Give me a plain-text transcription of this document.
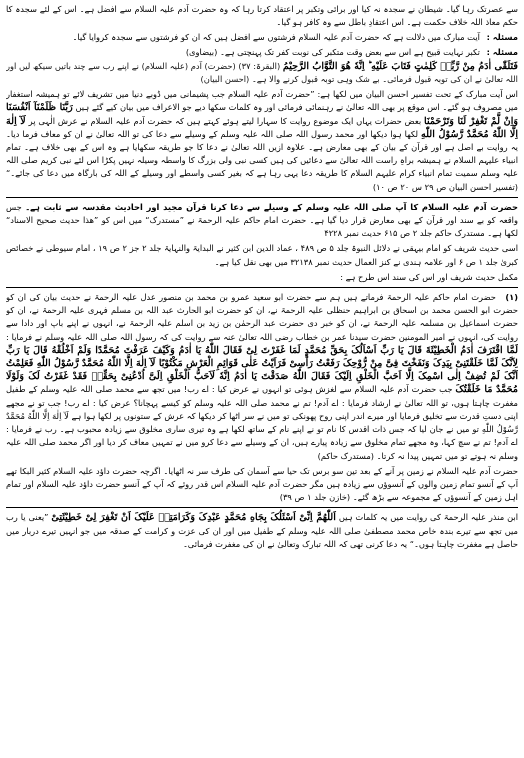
سے عصرتک رہا گیا۔ شیطان نے سجدہ نہ کیا اور برائی وتکبر پر اعتقاد کرتا رہا کہ وہ حضرت آدم علیہ السلام سے افضل ہے۔ اس کے لئے سجدہ کا حکم معاذ اللہ خلاف حکمت ہے۔ اس اعتقادِ باطل سے وہ کافر ہو گیا۔

مسئلہ : آیت مبارک میں دلالت ہے کہ حضرت آدم علیہ السلام فرشتوں سے افضل ہیں کہ ان کو فرشتوں سے سجدہ کروایا گیا۔

مسئلہ : تکبر نہایت قبیح ہے اس سے بعض وقت متکبر کی نوبت کفر تک پہنچتی ہے۔ (بیضاوی)

فَتَلَقّٰی اٰدَمُ مِنْ رَّبِّهٖ كَلِمٰتٍ فَتَابَ عَلَیْهِ ؕ اِنَّهٗ هُوَ التَّوَّابُ الرَّحِیْمُ (البقرۃ: ۳۷) (حضرت) آدم (علیہ السلام) نے اپنے رب سے چند باتیں سیکھ لیں اور اللہ تعالیٰ نے ان کی توبہ قبول فرمائی۔ بے شک وہی توبہ قبول کرنے والا ہے۔ (احسن البیان)

اس آیت مبارک کے تحت تفسیر احسن البیان میں لکھا ہے: ”حضرت آدم علیہ السلام جب پشیمانی میں ڈوبے دنیا میں تشریف لائے تو ہمیشہ استغفار میں مصروف ہو گئے۔ اس موقع پر بھی اللہ تعالیٰ نے رہنمائی فرمائی اور وہ کلمات سکھا دیے جو الاعراف میں بیان کیے گئے ہیں رَبَّنَا ظَلَمْنَآ اَنْفُسَنَا وَاِنْ لَّمْ تَغْفِرْ لَنَا وَتَرْحَمْنَا بعض حضرات یہاں ایک موضوع روایت کا سہارا لیتے ہوئے کہتے ہیں کہ حضرت آدم علیہ السلام نے عرش الٰہی پر لَآ اِلٰهَ اِلَّا اللّٰهُ مُحَمَّدٌ رَّسُوْلُ اللّٰهِ لکھا ہوا دیکھا اور محمد رسول اللہ صلی اللہ علیہ وسلم کے وسیلے سے دعا کی تو اللہ تعالیٰ نے ان کو معاف فرما دیا۔ یہ روایت بے اصل ہے اور قرآن کے بیان کے بھی معارض ہے۔ علاوہ ازیں اللہ تعالیٰ نے دعا کا جو طریقہ سکھایا ہے وہ اس کے بھی خلاف ہے۔ تمام انبیاء علیہم السلام نے ہمیشہ براہِ راست اللہ تعالیٰ سے دعائیں کی ہیں کسی نبی ولی بزرگ کا واسطہ وسیلہ نہیں پکڑا اس لئے نبی کریم صلی اللہ علیہ وسلم سمیت تمام انبیاء کرام علیہم السلام کا طریقہ دعا یہی رہا ہے کہ بغیر کسی واسطے اور وسیلے کے اللہ کی بارگاہ میں دعا کی جائے۔“ (تفسیر احسن البیان ص ۲۹ س ۲۰ ص ۱۰)

حضرت آدم علیہ السلام کا آپ صلی اللہ علیہ وسلم کے وسیلے سے دعا کرنا قرآن مجید اور احادیث مقدسہ سے ثابت ہے۔ جس واقعہ کو بے سند اور قرآن کے بھی معارض قرار دیا گیا ہے۔ حضرت امام حاکم علیہ الرحمۃ نے ”مستدرک“ میں اس کو ”ھذا حدیث صحیح الاسناد“ لکھا ہے۔ مستدرک حاکم جلد ۲ ص ۶۱۵ حدیث نمبر ۴۲۲۸

اسی حدیث شریف کو امام بیہقی نے دلائل النبوۃ جلد ۵ ص ۴۸۹ ، عماد الدین ابن کثیر نے البدایۃ والنہایۃ جلد ۲ جز ۲ ص ۱۹ ، امام سیوطی نے خصائص کبریٰ جلد ۱ ص ۶ اور علامہ ہندی نے کنز العمال حدیث نمبر ۳۲۱۳۸ میں بھی نقل کیا ہے۔

مکمل حدیث شریف اور اس کی سند اس طرح ہے :

(۱) حضرت امام حاکم علیہ الرحمۃ فرماتے ہیں ہم سے حضرت ابو سعید عمرو بن محمد بن منصور عدل علیہ الرحمۃ نے حدیث بیان کی ان کو حضرت ابو الحسن محمد بن اسحاق بن ابراہیم حنظلی علیہ الرحمۃ نے، ان کو حضرت ابو الحارث عبد اللہ بن مسلم فہری علیہ الرحمۃ نے، ان کو حضرت اسماعیل بن مسلمہ علیہ الرحمۃ نے، ان کو خبر دی حضرت عبد الرحمٰن بن زید بن اسلم علیہ الرحمۃ نے، انہوں نے اپنے باپ اور دادا سے روایت کی، انہوں نے امیر المومنین حضرت سیدنا عمر بن خطاب رضی اللہ تعالیٰ عنہ سے روایت کی کہ رسول اللہ صلی اللہ علیہ وسلم نے فرمایا : لَمَّا اقْتَرَفَ اٰدَمُ الْخَطِیْئَةَ قَالَ یَا رَبِّ اَسْاَلُکَ بِحَقِّ مُحَمَّدٍ لَمَا غَفَرْتَ لِیْ فَقَالَ اللّٰهُ یَا اٰدَمُ وَکَیْفَ عَرَفْتَ مُحَمَّدًا وَلَمْ اَخْلُقْهُ قَالَ یَا رَبِّ لِاَنَّکَ لَمَّا خَلَقْتَنِیْ بِیَدِکَ وَنَفَخْتَ فِیَّ مِنْ رُّوْحِکَ رَفَعْتُ رَاْسِیْ فَرَاَیْتُ عَلٰی قَوَائِمِ الْعَرْشِ مَکْتُوْبًا لَآ اِلٰهَ اِلَّا اللّٰهُ مُحَمَّدٌ رَّسُوْلُ اللّٰهِ فَعَلِمْتُ اَنَّکَ لَمْ تُضِفْ اِلٰی اسْمِکَ اِلَّا اَحَبَّ الْخَلْقِ اِلَیْکَ فَقَالَ اللّٰهُ صَدَقْتَ یَا اٰدَمُ اِنَّهٗ لَاَحَبُّ الْخَلْقِ اِلَیَّ اُدْعُنِیْ بِحَقِّهٖ فَقَدْ غَفَرْتُ لَکَ وَلَوْلَا مُحَمَّدٌ مَا خَلَقْتُکَ جب حضرت آدم علیہ السلام سے لغزش ہوئی تو انہوں نے عرض کیا : اے رب! میں تجھ سے محمد صلی اللہ علیہ وسلم کے طفیل مغفرت چاہتا ہوں، تو اللہ تعالیٰ نے ارشاد فرمایا : اے آدم! تم نے محمد صلی اللہ علیہ وسلم کو کیسے پہچانا؟ عرض کیا : اے رب! جب تو نے مجھے اپنی دستِ قدرت سے تخلیق فرمایا اور میرے اندر اپنی روح پھونکی تو میں نے سر اٹھا کر دیکھا کہ عرش کے ستونوں پر لکھا ہوا ہے لَآ اِلٰهَ اِلَّا اللّٰهُ مُحَمَّدٌ رَّسُوْلُ اللّٰهِ تو میں نے جان لیا کہ جس ذات اقدس کا نام تو نے اپنے نام کے ساتھ لکھا ہے وہ تیری ساری مخلوق سے زیادہ محبوب ہے۔ رب نے فرمایا : اے آدم! تم نے سچ کہا، وہ مجھے تمام مخلوق سے زیادہ پیارے ہیں، ان کے وسیلے سے دعا کرو میں نے تمہیں معاف کر دیا اور اگر محمد صلی اللہ علیہ وسلم نہ ہوتے تو میں تمہیں پیدا نہ کرتا۔ (مستدرک حاکم)

حضرت آدم علیہ السلام نے زمین پر آنے کے بعد تین سو برس تک حیا سے آسمان کی طرف سر نہ اٹھایا۔ اگرچہ حضرت داؤد علیہ السلام کثیر البکا تھے آپ کے آنسو تمام زمین والوں کے آنسوؤں سے زیادہ ہیں مگر حضرت آدم علیہ السلام اس قدر روئے کہ آپ کے آنسو حضرت داؤد علیہ السلام اور تمام اہل زمین کے آنسوؤں کے مجموعہ سے بڑھ گئے۔ (خازن جلد ۱ ص ۳۹)

ابن منذر علیہ الرحمۃ کی روایت میں یہ کلمات ہیں اَللّٰهُمَّ اِنِّیْ اَسْئَلُکَ بِجَاهِ مُحَمَّدٍ عَبْدِکَ وَکَرَامَتِهٖ عَلَیْکَ اَنْ تَغْفِرَ لِیْ خَطِیْئَتِیْ ”یعنی یا رب میں تجھ سے تیرے بندہ خاص محمد مصطفیٰ صلی اللہ علیہ وسلم کے طفیل میں اور ان کی عزت و کرامت کے صدقہ میں جو انہیں تیرے دربار میں حاصل ہے مغفرت چاہتا ہوں۔“ یہ دعا کرنی تھی کہ اللہ تبارک وتعالیٰ نے ان کی مغفرت فرمائی۔
